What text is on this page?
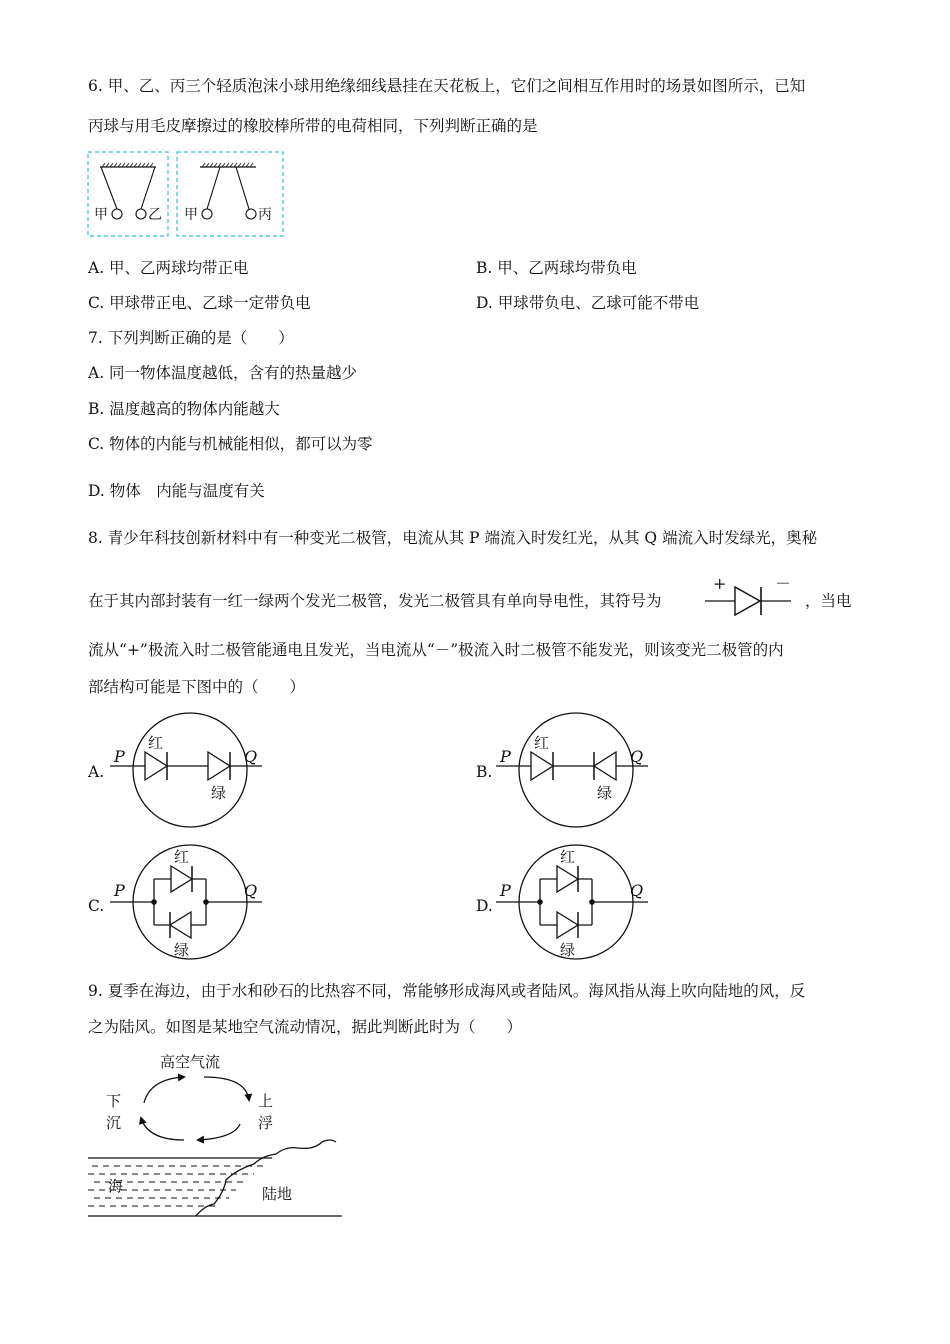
6. 甲、乙、丙三个轻质泡沫小球用绝缘细线悬挂在天花板上，它们之间相互作用时的场景如图所示，已知
丙球与用毛皮摩擦过的橡胶棒所带的电荷相同，下列判断正确的是
甲	乙 甲	丙
A. 甲、乙两球均带正电	B. 甲、乙两球均带负电
C. 甲球带正电、乙球一定带负电	D. 甲球带负电、乙球可能不带电
7. 下列判断正确的是（　　）
A. 同一物体温度越低，含有的热量越少
B. 温度越高的物体内能越大
C. 物体的内能与机械能相似，都可以为零
D. 物体　内能与温度有关
8. 青少年科技创新材料中有一种变光二极管，电流从其 P 端流入时发红光，从其 Q 端流入时发绿光，奥秘
在于其内部封装有一红一绿两个发光二极管，发光二极管具有单向导电性，其符号为
+	－
，当电
流从“+”极流入时二极管能通电且发光，当电流从“－”极流入时二极管不能发光，则该变光二极管的内
部结构可能是下图中的（　　）
A.
P	Q
红
绿
B.
P	Q
红
绿
C.
P	Q
红
绿
D.
P	Q
红
绿
9. 夏季在海边，由于水和砂石的比热容不同，常能够形成海风或者陆风。海风指从海上吹向陆地的风，反
之为陆风。如图是某地空气流动情况，据此判断此时为（　　）
高空气流
下
沉
上
浮
海	陆地
